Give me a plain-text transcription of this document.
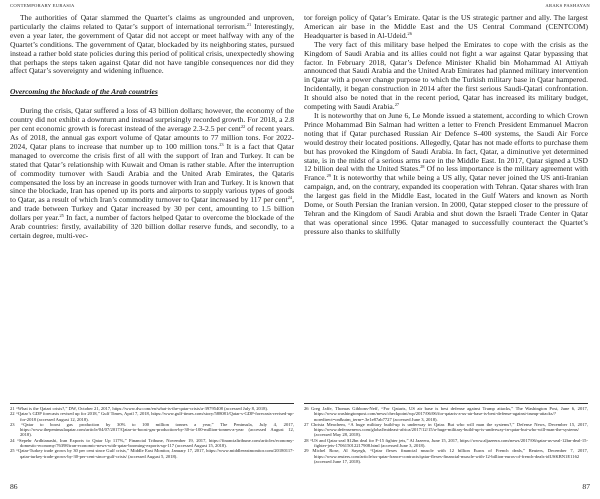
CONTEMPORARY EURASIA	ARAKS PASHAYAN

The authorities of Qatar slammed the Quartet’s claims as ungrounded and unproven, particularly the claims related to Qatar’s support of international terrorism.$^{21}$ Interestingly, even a year later, the government of Qatar did not accept or meet halfway with any of the Quartet’s conditions. The government of Qatar, blockaded by its neighboring states, pursued instead a rather bold state policies during this period of political crisis, unexpectedly showing that perhaps the steps taken against Qatar did not have tangible consequences nor did they affect Qatar’s sovereignty and widening influence.

Overcoming the blockade of the Arab countries

During the crisis, Qatar suffered a loss of 43 billion dollars; however, the economy of the country did not exhibit a downturn and instead surprisingly recorded growth. For 2018, a 2.8 per cent economic growth is forecast instead of the average 2.3-2.5 per cent$^{22}$ of recent years. As of 2018, the annual gas export volume of Qatar amounts to 77 million tons. For 2022-2024, Qatar plans to increase that number up to 100 million tons.$^{23}$ It is a fact that Qatar managed to overcome the crisis first of all with the support of Iran and Turkey. It can be stated that Qatar’s relationship with Kuwait and Oman is rather stable. After the interruption of commodity turnover with Saudi Arabia and the United Arab Emirates, the Qataris compensated the loss by an increase in goods turnover with Iran and Turkey. It is known that since the blockade, Iran has opened up its ports and airports to supply various types of goods to Qatar, as a result of which Iran’s commodity turnover to Qatar increased by 117 per cent$^{24}$, and trade between Turkey and Qatar increased by 30 per cent, amounting to 1.5 billion dollars per year.$^{25}$ In fact, a number of factors helped Qatar to overcome the blockade of the Arab countries: firstly, availability of 320 billion dollar reserve funds, and secondly, to a certain degree, multi-vec-

tor foreign policy of Qatar’s Emirate. Qatar is the US strategic partner and ally. The largest American air base in the Middle East and the US Central Command (CENTCOM) Headquarter is based in Al-Udeid.$^{26}$

The very fact of this military base helped the Emirates to cope with the crisis as the Kingdom of Saudi Arabia and its allies could not fight a war against Qatar bypassing that factor. In February 2018, Qatar’s Defence Minister Khalid bin Mohammad Al Attiyah announced that Saudi Arabia and the United Arab Emirates had planned military intervention in Qatar with a power change purpose to which the Turkish military base in Qatar hampered. Incidentally, it began construction in 2014 after the first serious Saudi-Qatari confrontation. It should also be noted that in the recent period, Qatar has increased its military budget, competing with Saudi Arabia.$^{27}$

It is noteworthy that on June 6, Le Monde issued a statement, according to which Crown Prince Mohammad Bin Salman had written a letter to French President Emmanuel Macron noting that if Qatar purchased Russian Air Defence S-400 systems, the Saudi Air Force would destroy their located positions. Allegedly, Qatar has not made efforts to purchase them but has provoked the Kingdom of Saudi Arabia. In fact, Qatar, a diminutive yet determined state, is in the midst of a serious arms race in the Middle East. In 2017, Qatar signed a USD 12 billion deal with the United States.$^{28}$ Of no less importance is the military agreement with France.$^{29}$ It is noteworthy that while being a US ally, Qatar never joined the US anti-Iranian campaign, and, on the contrary, expanded its cooperation with Tehran. Qatar shares with Iran the largest gas field in the Middle East, located in the Gulf Waters and known as North Dome, or South Persian the Iranian version. In 2000, Qatar stepped closer to the pressure of Tehran and the Kingdom of Saudi Arabia and shut down the Israeli Trade Center in Qatar that was operational since 1996. Qatar managed to successfully counteract the Quartet’s pressure also thanks to skilfully

21 “What is the Qatari crisis?,” DW, October 21, 2017, https://www.dw.com/en/what-is-the-qatar-crisis/a-39795408 (accessed July 8, 2018).

22 “Qatar’s GDP forecasts revised up for 2018,” Gulf Times, April 7, 2018, https://www.gulf-times.com/story/588081/Qatar-s-GDP-forecasts-revised-up-for-2018 (accessed August 12, 2018).

23 “Qatar to boost gas production by 30% to 100 million tonnes a year,” The Peninsula, July 4, 2017, https://www.thepeninsulaqatar.com/article/04/07/2017/Qatar-to-boost-gas-production-by-30-to-100-million-tonnes-a-year (accessed August 12, 2018).

24 “Sepehr Ardhianashi, Iran Exports to Qatar Up 117%,” Financial Tribune, November 19, 2017, https://financialtribune.com/articles/economy-domestic-economy/76398/iran-economic-news-with-qatar-booming-exports-up-117 (accessed August 15, 2018).

25 “Qatar-Turkey trade grows by 30 per cent since Gulf crisis,” Middle East Monitor, January 17, 2017, https://www.middleeastmonitor.com/20180117-qatar-turkey-trade-grows-by-30-per-cent-since-gulf-crisis/ (accessed August 5, 2018).

26 Greg Jaffe, Thomas Gibbons-Neff, “For Qataris, US air base is best defense against Trump attacks,” The Washington Post, June 6, 2017, https://www.washingtonpost.com/news/checkpoint/wp/2017/06/06/for-qataris-a-us-air-base-is-best-defense-against-trump-attacks/?noredirect=on&utm_term=.3e1e87ab7727 (accessed June 3, 2018).

27 Christa Meachem, “A huge military build-up is underway in Qatar. But who will man the systems?,” Defense News, December 15, 2017, https://www.defensenews.com/global/mideast-africa/2017/12/15/a-huge-military-build-up-is-underway-in-qatar-but-who-will-man-the-systems/ (accessed May 28, 2018).

28 “US and Qatar seal $12bn deal for F-15 fighter jets,” Al Jazeera, June 15, 2017, https://www.aljazeera.com/news/2017/06/qatar-us-seal-12bn-deal-15-fighter-jets-170615012217908.html (accessed June 3, 2018).

29 Michel Rose, Al Sayegh, “Qatar flexes financial muscle with 12 billion Euros of French deals,” Reuters, December 7, 2017, https://www.reuters.com/article/us-qatar-france-contracts/qatar-flexes-financial-muscle-with-12-billion-euros-of-french-deals-idUSKBN1E1162 (accessed June 17, 2018).

86	87
